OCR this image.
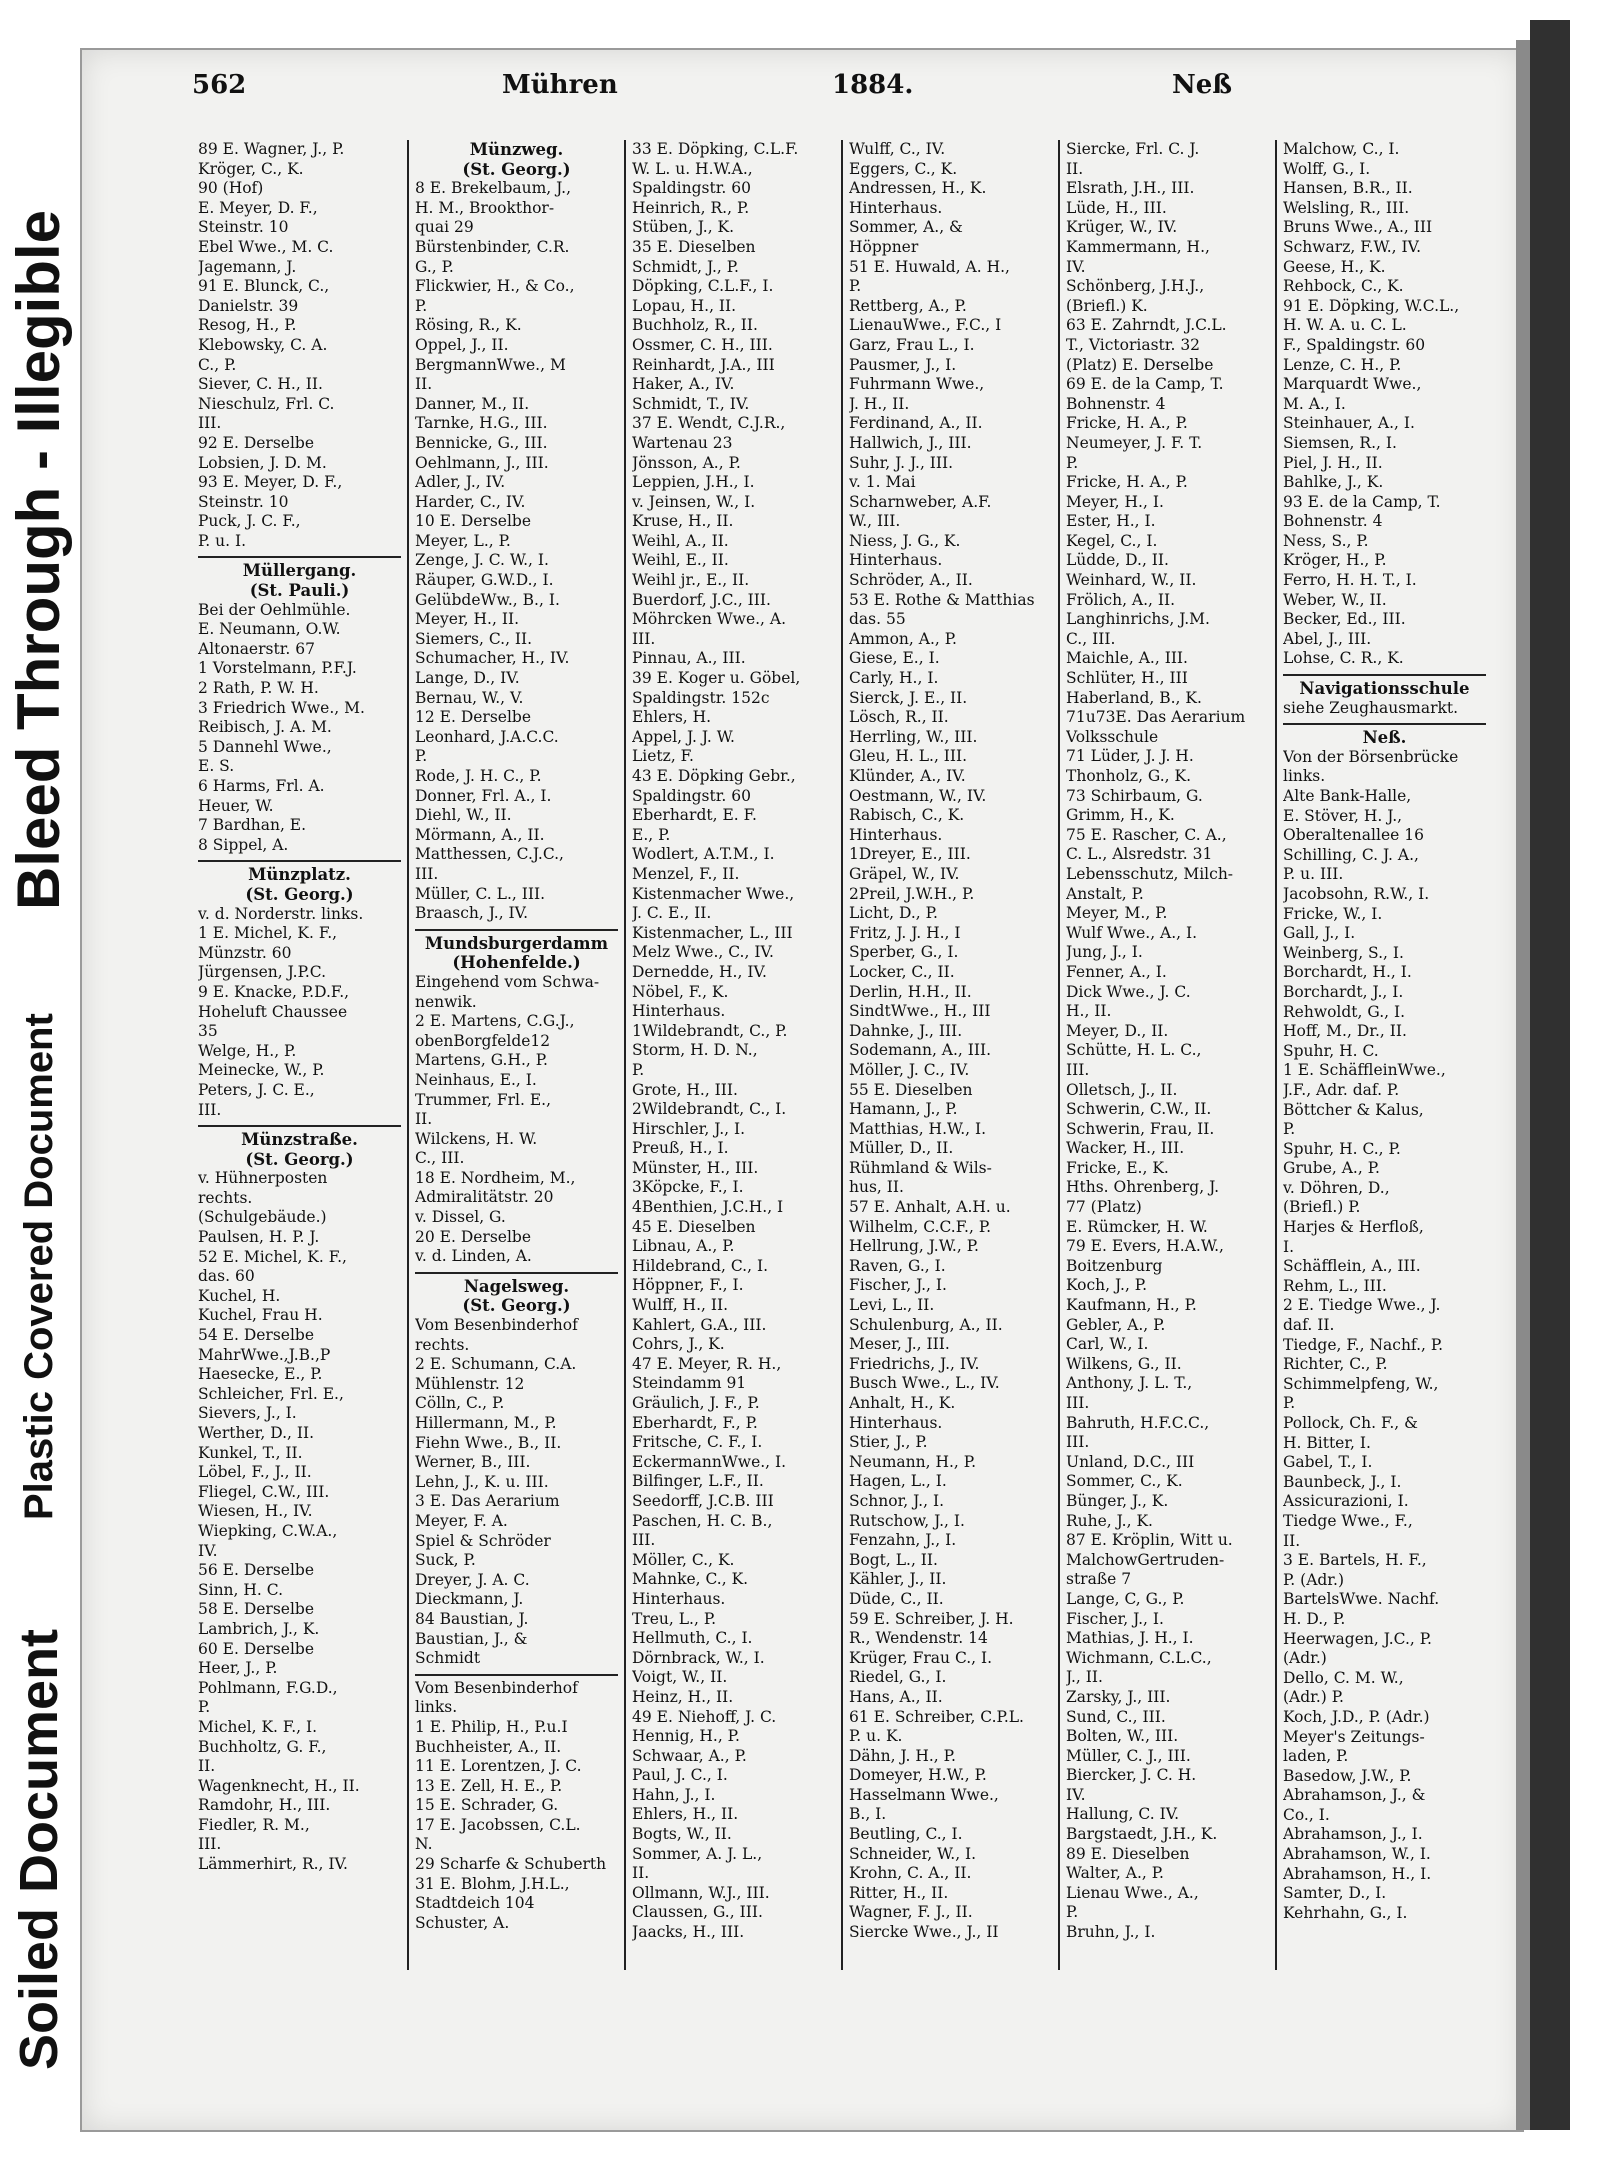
Soiled Document
Plastic Covered Document
Bleed Through - Illegible
562	Mühren	1884.	Neß
89 E. Wagner, J., P.
Kröger, C., K.
90 (Hof)
E. Meyer, D. F.,
Steinstr. 10
Ebel Wwe., M. C.
Jagemann, J.
91 E. Blunck, C.,
Danielstr. 39
Resog, H., P.
Klebowsky, C. A.
C., P.
Siever, C. H., II.
Nieschulz, Frl. C.
III.
92 E. Derselbe
Lobsien, J. D. M.
93 E. Meyer, D. F.,
Steinstr. 10
Puck, J. C. F.,
P. u. I.
Müllergang.
(St. Pauli.)
Bei der Oehlmühle.
E. Neumann, O.W.
Altonaerstr. 67
1 Vorstelmann, P.F.J.
2 Rath, P. W. H.
3 Friedrich Wwe., M.
Reibisch, J. A. M.
5 Dannehl Wwe.,
E. S.
6 Harms, Frl. A.
Heuer, W.
7 Bardhan, E.
8 Sippel, A.
Münzplatz.
(St. Georg.)
v. d. Norderstr. links.
1 E. Michel, K. F.,
Münzstr. 60
Jürgensen, J.P.C.
9 E. Knacke, P.D.F.,
Hoheluft Chaussee
35
Welge, H., P.
Meinecke, W., P.
Peters, J. C. E.,
III.
Münzstraße.
(St. Georg.)
v. Hühnerposten
rechts.
(Schulgebäude.)
Paulsen, H. P. J.
52 E. Michel, K. F.,
das. 60
Kuchel, H.
Kuchel, Frau H.
54 E. Derselbe
MahrWwe.,J.B.,P
Haesecke, E., P.
Schleicher, Frl. E.,
Sievers, J., I.
Werther, D., II.
Kunkel, T., II.
Löbel, F., J., II.
Fliegel, C.W., III.
Wiesen, H., IV.
Wiepking, C.W.A.,
IV.
56 E. Derselbe
Sinn, H. C.
58 E. Derselbe
Lambrich, J., K.
60 E. Derselbe
Heer, J., P.
Pohlmann, F.G.D.,
P.
Michel, K. F., I.
Buchholtz, G. F.,
II.
Wagenknecht, H., II.
Ramdohr, H., III.
Fiedler, R. M.,
III.
Lämmerhirt, R., IV.
Münzweg.
(St. Georg.)
8 E. Brekelbaum, J.,
H. M., Brookthor-
quai 29
Bürstenbinder, C.R.
G., P.
Flickwier, H., & Co.,
P.
Rösing, R., K.
Oppel, J., II.
BergmannWwe., M
II.
Danner, M., II.
Tarnke, H.G., III.
Bennicke, G., III.
Oehlmann, J., III.
Adler, J., IV.
Harder, C., IV.
10 E. Derselbe
Meyer, L., P.
Zenge, J. C. W., I.
Räuper, G.W.D., I.
GelübdeWw., B., I.
Meyer, H., II.
Siemers, C., II.
Schumacher, H., IV.
Lange, D., IV.
Bernau, W., V.
12 E. Derselbe
Leonhard, J.A.C.C.
P.
Rode, J. H. C., P.
Donner, Frl. A., I.
Diehl, W., II.
Mörmann, A., II.
Matthessen, C.J.C.,
III.
Müller, C. L., III.
Braasch, J., IV.
Mundsburgerdamm
(Hohenfelde.)
Eingehend vom Schwa-
nenwik.
2 E. Martens, C.G.J.,
obenBorgfelde12
Martens, G.H., P.
Neinhaus, E., I.
Trummer, Frl. E.,
II.
Wilckens, H. W.
C., III.
18 E. Nordheim, M.,
Admiralitätstr. 20
v. Dissel, G.
20 E. Derselbe
v. d. Linden, A.
Nagelsweg.
(St. Georg.)
Vom Besenbinderhof
rechts.
2 E. Schumann, C.A.
Mühlenstr. 12
Cölln, C., P.
Hillermann, M., P.
Fiehn Wwe., B., II.
Werner, B., III.
Lehn, J., K. u. III.
3 E. Das Aerarium
Meyer, F. A.
Spiel & Schröder
Suck, P.
Dreyer, J. A. C.
Dieckmann, J.
84 Baustian, J.
Baustian, J., &
Schmidt
Vom Besenbinderhof
links.
1 E. Philip, H., P.u.I
Buchheister, A., II.
11 E. Lorentzen, J. C.
13 E. Zell, H. E., P.
15 E. Schrader, G.
17 E. Jacobssen, C.L.
N.
29 Scharfe & Schuberth
31 E. Blohm, J.H.L.,
Stadtdeich 104
Schuster, A.
33 E. Döpking, C.L.F.
W. L. u. H.W.A.,
Spaldingstr. 60
Heinrich, R., P.
Stüben, J., K.
35 E. Dieselben
Schmidt, J., P.
Döpking, C.L.F., I.
Lopau, H., II.
Buchholz, R., II.
Ossmer, C. H., III.
Reinhardt, J.A., III
Haker, A., IV.
Schmidt, T., IV.
37 E. Wendt, C.J.R.,
Wartenau 23
Jönsson, A., P.
Leppien, J.H., I.
v. Jeinsen, W., I.
Kruse, H., II.
Weihl, A., II.
Weihl, E., II.
Weihl jr., E., II.
Buerdorf, J.C., III.
Möhrcken Wwe., A.
III.
Pinnau, A., III.
39 E. Koger u. Göbel,
Spaldingstr. 152c
Ehlers, H.
Appel, J. J. W.
Lietz, F.
43 E. Döpking Gebr.,
Spaldingstr. 60
Eberhardt, E. F.
E., P.
Wodlert, A.T.M., I.
Menzel, F., II.
Kistenmacher Wwe.,
J. C. E., II.
Kistenmacher, L., III
Melz Wwe., C., IV.
Dernedde, H., IV.
Nöbel, F., K.
Hinterhaus.
1Wildebrandt, C., P.
Storm, H. D. N.,
P.
Grote, H., III.
2Wildebrandt, C., I.
Hirschler, J., I.
Preuß, H., I.
Münster, H., III.
3Köpcke, F., I.
4Benthien, J.C.H., I
45 E. Dieselben
Libnau, A., P.
Hildebrand, C., I.
Höppner, F., I.
Wulff, H., II.
Kahlert, G.A., III.
Cohrs, J., K.
47 E. Meyer, R. H.,
Steindamm 91
Gräulich, J. F., P.
Eberhardt, F., P.
Fritsche, C. F., I.
EckermannWwe., I.
Bilfinger, L.F., II.
Seedorff, J.C.B. III
Paschen, H. C. B.,
III.
Möller, C., K.
Mahnke, C., K.
Hinterhaus.
Treu, L., P.
Hellmuth, C., I.
Dörnbrack, W., I.
Voigt, W., II.
Heinz, H., II.
49 E. Niehoff, J. C.
Hennig, H., P.
Schwaar, A., P.
Paul, J. C., I.
Hahn, J., I.
Ehlers, H., II.
Bogts, W., II.
Sommer, A. J. L.,
II.
Ollmann, W.J., III.
Claussen, G., III.
Jaacks, H., III.
Wulff, C., IV.
Eggers, C., K.
Andressen, H., K.
Hinterhaus.
Sommer, A., &
Höppner
51 E. Huwald, A. H.,
P.
Rettberg, A., P.
LienauWwe., F.C., I
Garz, Frau L., I.
Pausmer, J., I.
Fuhrmann Wwe.,
J. H., II.
Ferdinand, A., II.
Hallwich, J., III.
Suhr, J. J., III.
v. 1. Mai
Scharnweber, A.F.
W., III.
Niess, J. G., K.
Hinterhaus.
Schröder, A., II.
53 E. Rothe & Matthias
das. 55
Ammon, A., P.
Giese, E., I.
Carly, H., I.
Sierck, J. E., II.
Lösch, R., II.
Herrling, W., III.
Gleu, H. L., III.
Klünder, A., IV.
Oestmann, W., IV.
Rabisch, C., K.
Hinterhaus.
1Dreyer, E., III.
Gräpel, W., IV.
2Preil, J.W.H., P.
Licht, D., P.
Fritz, J. J. H., I
Sperber, G., I.
Locker, C., II.
Derlin, H.H., II.
SindtWwe., H., III
Dahnke, J., III.
Sodemann, A., III.
Möller, J. C., IV.
55 E. Dieselben
Hamann, J., P.
Matthias, H.W., I.
Müller, D., II.
Rühmland & Wils-
hus, II.
57 E. Anhalt, A.H. u.
Wilhelm, C.C.F., P.
Hellrung, J.W., P.
Raven, G., I.
Fischer, J., I.
Levi, L., II.
Schulenburg, A., II.
Meser, J., III.
Friedrichs, J., IV.
Busch Wwe., L., IV.
Anhalt, H., K.
Hinterhaus.
Stier, J., P.
Neumann, H., P.
Hagen, L., I.
Schnor, J., I.
Rutschow, J., I.
Fenzahn, J., I.
Bogt, L., II.
Kähler, J., II.
Düde, C., II.
59 E. Schreiber, J. H.
R., Wendenstr. 14
Krüger, Frau C., I.
Riedel, G., I.
Hans, A., II.
61 E. Schreiber, C.P.L.
P. u. K.
Dähn, J. H., P.
Domeyer, H.W., P.
Hasselmann Wwe.,
B., I.
Beutling, C., I.
Schneider, W., I.
Krohn, C. A., II.
Ritter, H., II.
Wagner, F. J., II.
Siercke Wwe., J., II
Siercke, Frl. C. J.
II.
Elsrath, J.H., III.
Lüde, H., III.
Krüger, W., IV.
Kammermann, H.,
IV.
Schönberg, J.H.J.,
(Briefl.) K.
63 E. Zahrndt, J.C.L.
T., Victoriastr. 32
(Platz) E. Derselbe
69 E. de la Camp, T.
Bohnenstr. 4
Fricke, H. A., P.
Neumeyer, J. F. T.
P.
Fricke, H. A., P.
Meyer, H., I.
Ester, H., I.
Kegel, C., I.
Lüdde, D., II.
Weinhard, W., II.
Frölich, A., II.
Langhinrichs, J.M.
C., III.
Maichle, A., III.
Schlüter, H., III
Haberland, B., K.
71u73E. Das Aerarium
Volksschule
71 Lüder, J. J. H.
Thonholz, G., K.
73 Schirbaum, G.
Grimm, H., K.
75 E. Rascher, C. A.,
C. L., Alsredstr. 31
Lebensschutz, Milch-
Anstalt, P.
Meyer, M., P.
Wulf Wwe., A., I.
Jung, J., I.
Fenner, A., I.
Dick Wwe., J. C.
H., II.
Meyer, D., II.
Schütte, H. L. C.,
III.
Olletsch, J., II.
Schwerin, C.W., II.
Schwerin, Frau, II.
Wacker, H., III.
Fricke, E., K.
Hths. Ohrenberg, J.
77 (Platz)
E. Rümcker, H. W.
79 E. Evers, H.A.W.,
Boitzenburg
Koch, J., P.
Kaufmann, H., P.
Gebler, A., P.
Carl, W., I.
Wilkens, G., II.
Anthony, J. L. T.,
III.
Bahruth, H.F.C.C.,
III.
Unland, D.C., III
Sommer, C., K.
Bünger, J., K.
Ruhe, J., K.
87 E. Kröplin, Witt u.
MalchowGertruden-
straße 7
Lange, C, G., P.
Fischer, J., I.
Mathias, J. H., I.
Wichmann, C.L.C.,
J., II.
Zarsky, J., III.
Sund, C., III.
Bolten, W., III.
Müller, C. J., III.
Biercker, J. C. H.
IV.
Hallung, C. IV.
Bargstaedt, J.H., K.
89 E. Dieselben
Walter, A., P.
Lienau Wwe., A.,
P.
Bruhn, J., I.
Malchow, C., I.
Wolff, G., I.
Hansen, B.R., II.
Welsling, R., III.
Bruns Wwe., A., III
Schwarz, F.W., IV.
Geese, H., K.
Rehbock, C., K.
91 E. Döpking, W.C.L.,
H. W. A. u. C. L.
F., Spaldingstr. 60
Lenze, C. H., P.
Marquardt Wwe.,
M. A., I.
Steinhauer, A., I.
Siemsen, R., I.
Piel, J. H., II.
Bahlke, J., K.
93 E. de la Camp, T.
Bohnenstr. 4
Ness, S., P.
Kröger, H., P.
Ferro, H. H. T., I.
Weber, W., II.
Becker, Ed., III.
Abel, J., III.
Lohse, C. R., K.
Navigationsschule
siehe Zeughausmarkt.
Neß.
Von der Börsenbrücke
links.
Alte Bank-Halle,
E. Stöver, H. J.,
Oberaltenallee 16
Schilling, C. J. A.,
P. u. III.
Jacobsohn, R.W., I.
Fricke, W., I.
Gall, J., I.
Weinberg, S., I.
Borchardt, H., I.
Borchardt, J., I.
Rehwoldt, G., I.
Hoff, M., Dr., II.
Spuhr, H. C.
1 E. SchäffleinWwe.,
J.F., Adr. daf. P.
Böttcher & Kalus,
P.
Spuhr, H. C., P.
Grube, A., P.
v. Döhren, D.,
(Briefl.) P.
Harjes & Herfloß,
I.
Schäfflein, A., III.
Rehm, L., III.
2 E. Tiedge Wwe., J.
daf. II.
Tiedge, F., Nachf., P.
Richter, C., P.
Schimmelpfeng, W.,
P.
Pollock, Ch. F., &
H. Bitter, I.
Gabel, T., I.
Baunbeck, J., I.
Assicurazioni, I.
Tiedge Wwe., F.,
II.
3 E. Bartels, H. F.,
P. (Adr.)
BartelsWwe. Nachf.
H. D., P.
Heerwagen, J.C., P.
(Adr.)
Dello, C. M. W.,
(Adr.) P.
Koch, J.D., P. (Adr.)
Meyer's Zeitungs-
laden, P.
Basedow, J.W., P.
Abrahamson, J., &
Co., I.
Abrahamson, J., I.
Abrahamson, W., I.
Abrahamson, H., I.
Samter, D., I.
Kehrhahn, G., I.
